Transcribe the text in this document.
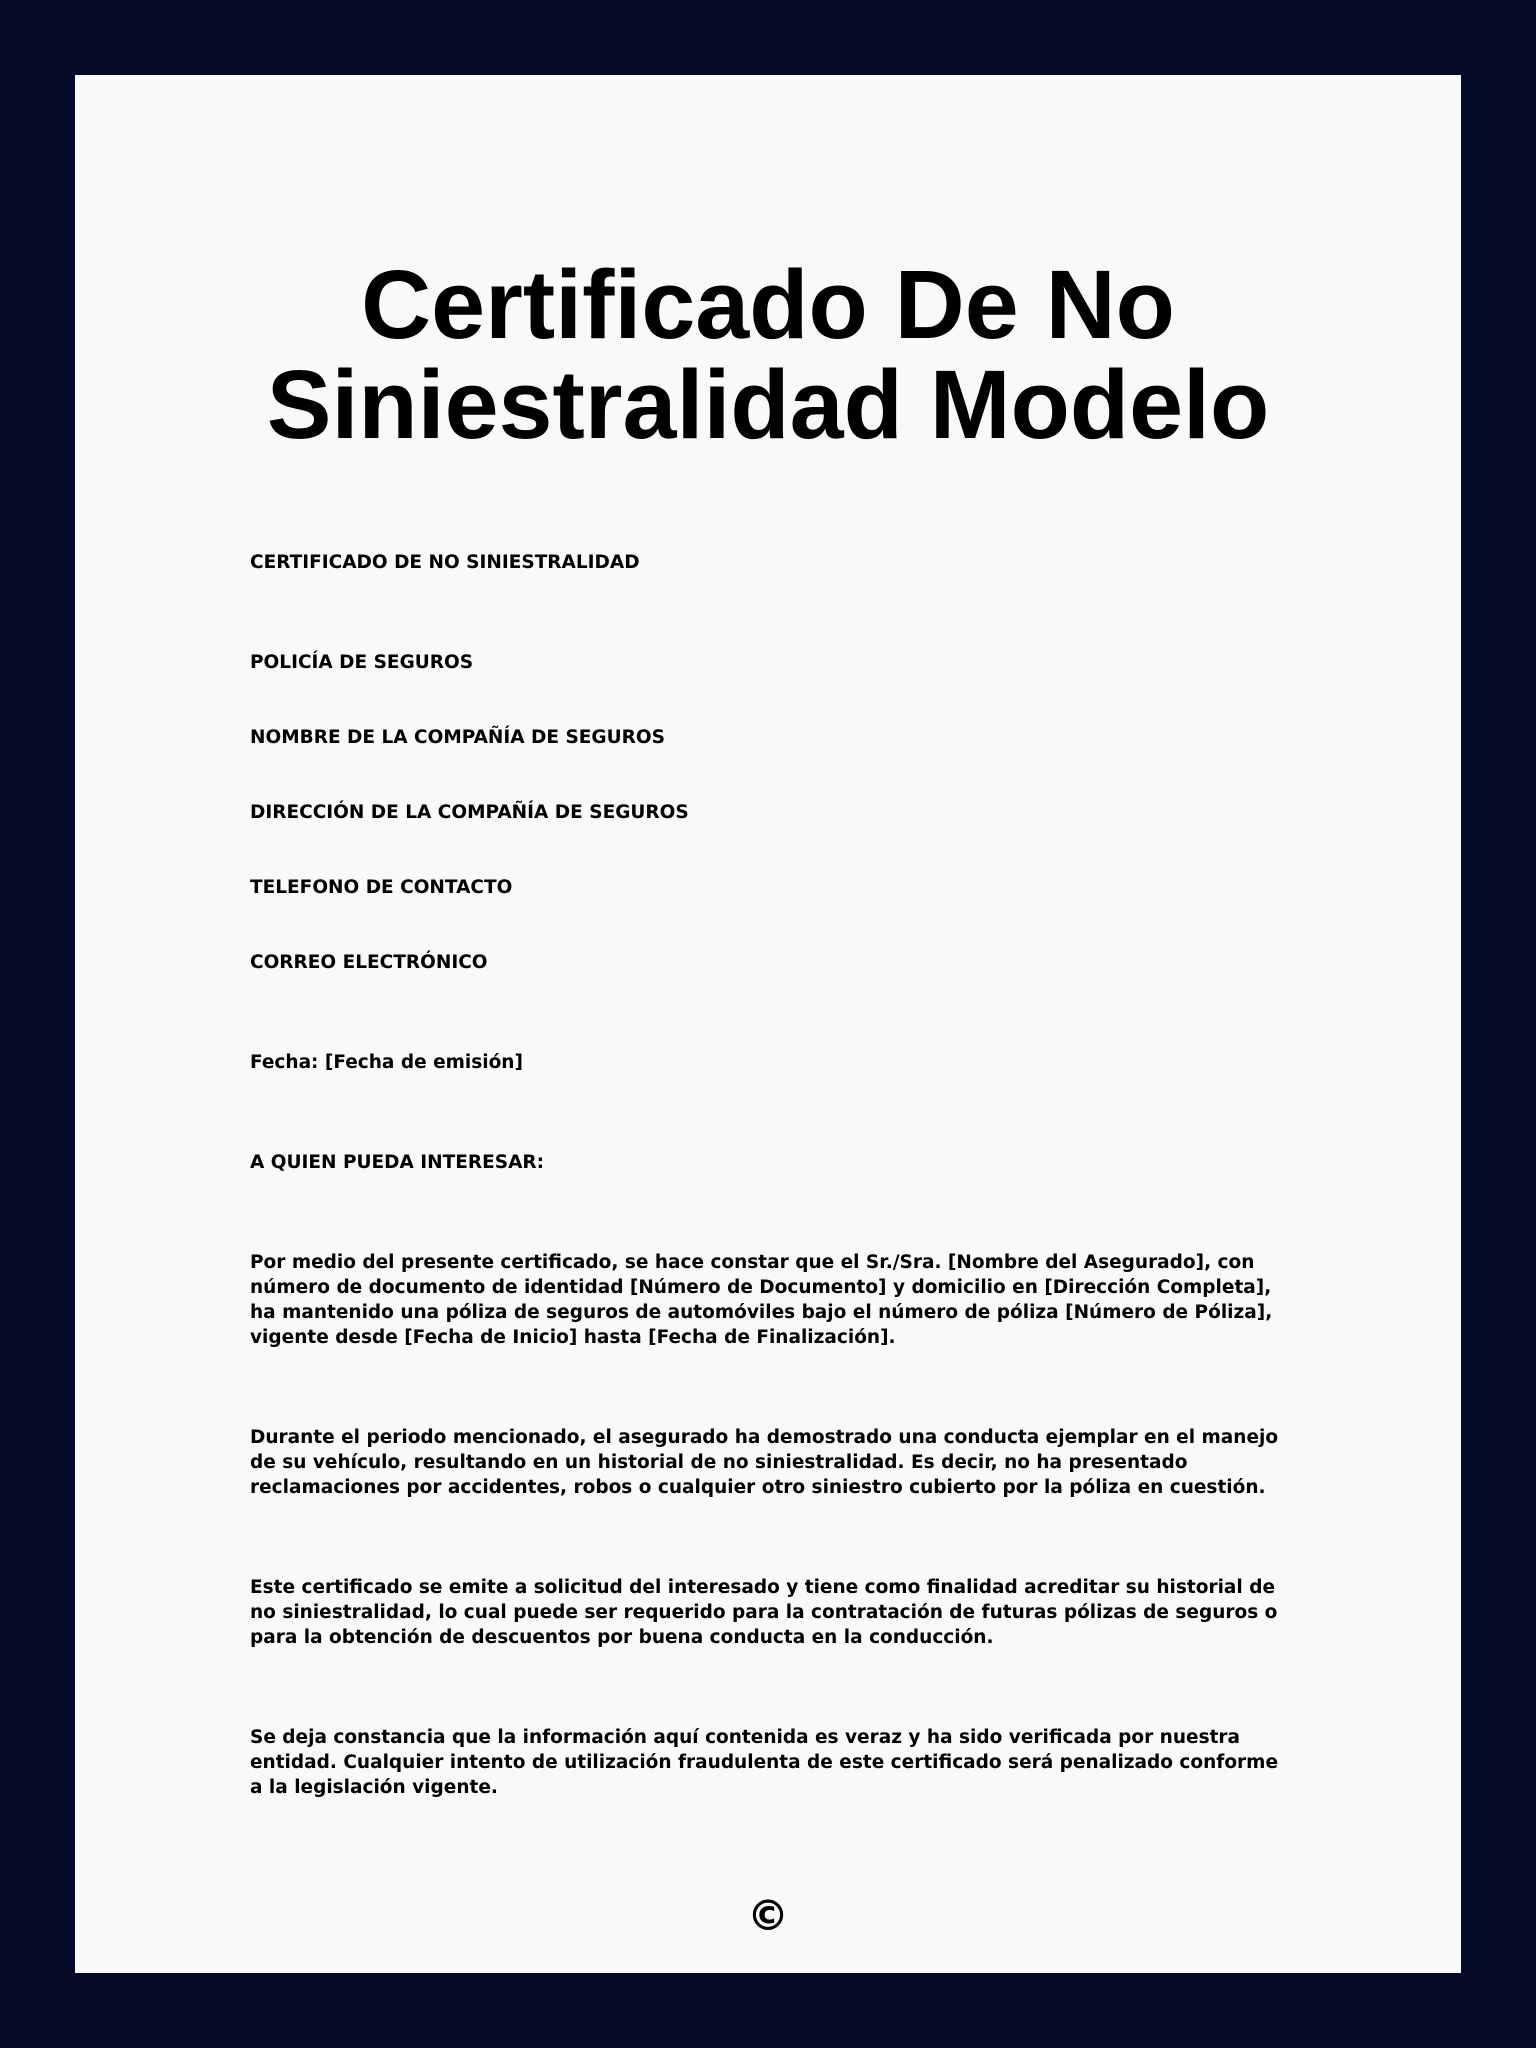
Certificado De No Siniestralidad Modelo

CERTIFICADO DE NO SINIESTRALIDAD

POLICÍA DE SEGUROS

NOMBRE DE LA COMPAÑÍA DE SEGUROS

DIRECCIÓN DE LA COMPAÑÍA DE SEGUROS

TELEFONO DE CONTACTO

CORREO ELECTRÓNICO

Fecha: [Fecha de emisión]

A QUIEN PUEDA INTERESAR:

Por medio del presente certificado, se hace constar que el Sr./Sra. [Nombre del Asegurado], con número de documento de identidad [Número de Documento] y domicilio en [Dirección Completa], ha mantenido una póliza de seguros de automóviles bajo el número de póliza [Número de Póliza], vigente desde [Fecha de Inicio] hasta [Fecha de Finalización].

Durante el periodo mencionado, el asegurado ha demostrado una conducta ejemplar en el manejo de su vehículo, resultando en un historial de no siniestralidad. Es decir, no ha presentado reclamaciones por accidentes, robos o cualquier otro siniestro cubierto por la póliza en cuestión.

Este certificado se emite a solicitud del interesado y tiene como finalidad acreditar su historial de no siniestralidad, lo cual puede ser requerido para la contratación de futuras pólizas de seguros o para la obtención de descuentos por buena conducta en la conducción.

Se deja constancia que la información aquí contenida es veraz y ha sido verificada por nuestra entidad. Cualquier intento de utilización fraudulenta de este certificado será penalizado conforme a la legislación vigente.

©
